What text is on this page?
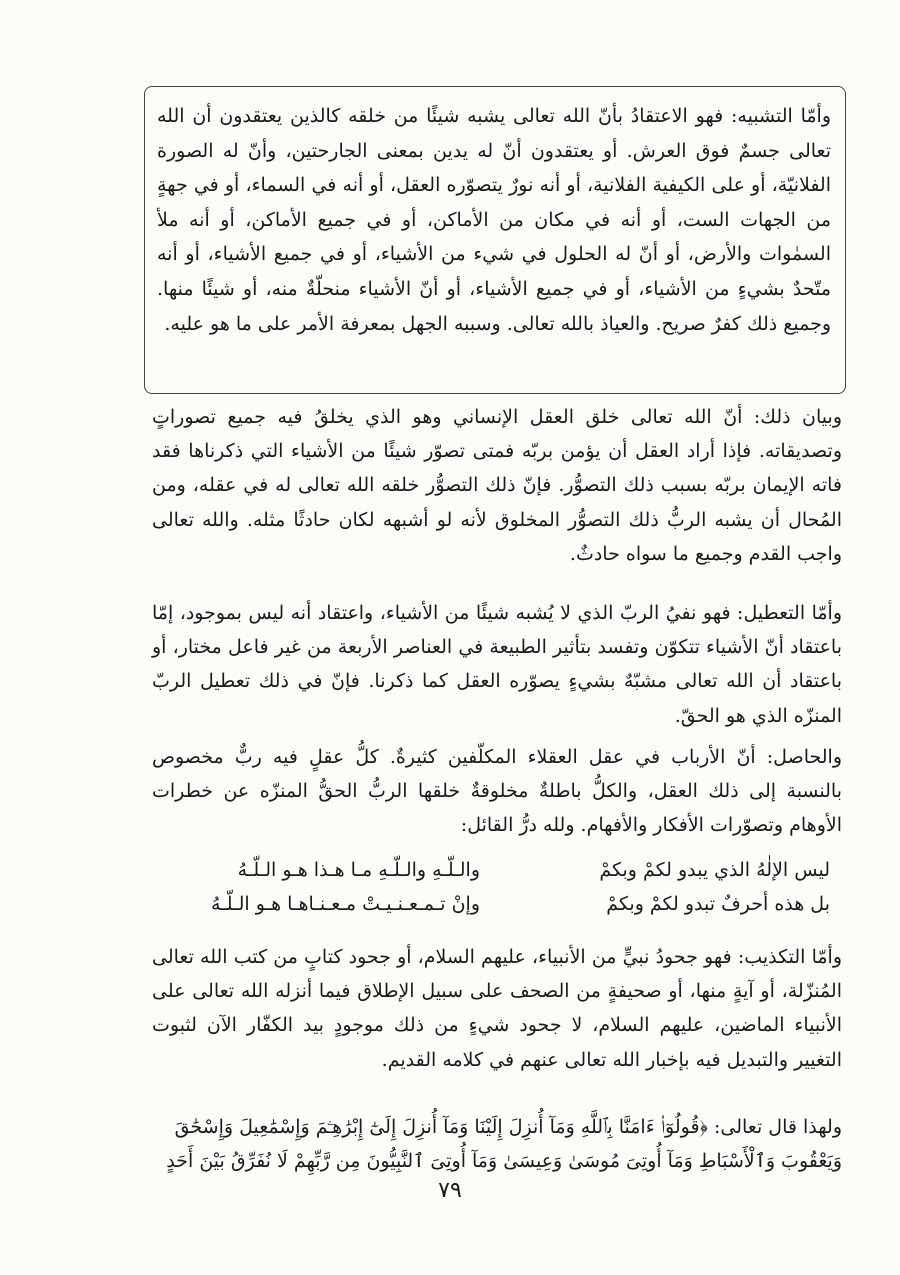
وأمّا التشبيه: فهو الاعتقادُ بأنّ الله تعالى يشبه شيئًا من خلقه كالذين يعتقدون أن الله تعالى جسمٌ فوق العرش. أو يعتقدون أنّ له يدين بمعنى الجارحتين، وأنّ له الصورة الفلانيّة، أو على الكيفية الفلانية، أو أنه نورٌ يتصوّره العقل، أو أنه في السماء، أو في جهةٍ من الجهات الست، أو أنه في مكان من الأماكن، أو في جميع الأماكن، أو أنه ملأ السمٰوات والأرض، أو أنّ له الحلول في شيء من الأشياء، أو في جميع الأشياء، أو أنه متّحدٌ بشيءٍ من الأشياء، أو في جميع الأشياء، أو أنّ الأشياء منحلّةٌ منه، أو شيئًا منها. وجميع ذلك كفرٌ صريح. والعياذ بالله تعالى. وسببه الجهل بمعرفة الأمر على ما هو عليه.

وبيان ذلك: أنّ الله تعالى خلق العقل الإنساني وهو الذي يخلقُ فيه جميع تصوراتٍ وتصديقاته. فإذا أراد العقل أن يؤمن بربّه فمتى تصوّر شيئًا من الأشياء التي ذكرناها فقد فاته الإيمان بربّه بسبب ذلك التصوُّر. فإنّ ذلك التصوُّر خلقه الله تعالى له في عقله، ومن المُحال أن يشبه الربُّ ذلك التصوُّر المخلوق لأنه لو أشبهه لكان حادثًا مثله. والله تعالى واجب القدم وجميع ما سواه حادثٌ.

وأمّا التعطيل: فهو نفيُ الربّ الذي لا يُشبه شيئًا من الأشياء، واعتقاد أنه ليس بموجود، إمّا باعتقاد أنّ الأشياء تتكوّن وتفسد بتأثير الطبيعة في العناصر الأربعة من غير فاعل مختار، أو باعتقاد أن الله تعالى مشبّهٌ بشيءٍ يصوّره العقل كما ذكرنا. فإنّ في ذلك تعطيل الربّ المنزّه الذي هو الحقّ.

والحاصل: أنّ الأرباب في عقل العقلاء المكلّفين كثيرةٌ. كلُّ عقلٍ فيه ربٌّ مخصوص بالنسبة إلى ذلك العقل، والكلُّ باطلةٌ مخلوقةٌ خلقها الربُّ الحقُّ المنزّه عن خطرات الأوهام وتصوّرات الأفكار والأفهام. ولله درُّ القائل:

ليس الإلٰهُ الذي يبدو لكمْ وبكمْ
والـلّـهِ والـلّـهِ مـا هـذا هـو الـلّـهُ
بل هذه أحرفٌ تبدو لكمْ وبكمْ
وإنْ تـمـعـنـيـتْ مـعـنـاهـا هـو الـلّـهُ

وأمّا التكذيب: فهو جحودُ نبيٍّ من الأنبياء، عليهم السلام، أو جحود كتابٍ من كتب الله تعالى المُنزّلة، أو آيةٍ منها، أو صحيفةٍ من الصحف على سبيل الإطلاق فيما أنزله الله تعالى على الأنبياء الماضين، عليهم السلام، لا جحود شيءٍ من ذلك موجودٍ بيد الكفّار الآن لثبوت التغيير والتبديل فيه بإخبار الله تعالى عنهم في كلامه القديم.

ولهذا قال تعالى: ﴿قُولُوٓا۟ ءَامَنَّا بِٱللَّهِ وَمَآ أُنزِلَ إِلَيْنَا وَمَآ أُنزِلَ إِلَىٰٓ إِبْرَٰهِـۧمَ وَإِسْمَٰعِيلَ وَإِسْحَٰقَ
وَيَعْقُوبَ وَٱلْأَسْبَاطِ وَمَآ أُوتِىَ مُوسَىٰ وَعِيسَىٰ وَمَآ أُوتِىَ ٱلنَّبِيُّونَ مِن رَّبِّهِمْ لَا نُفَرِّقُ بَيْنَ أَحَدٍ
٧٩
